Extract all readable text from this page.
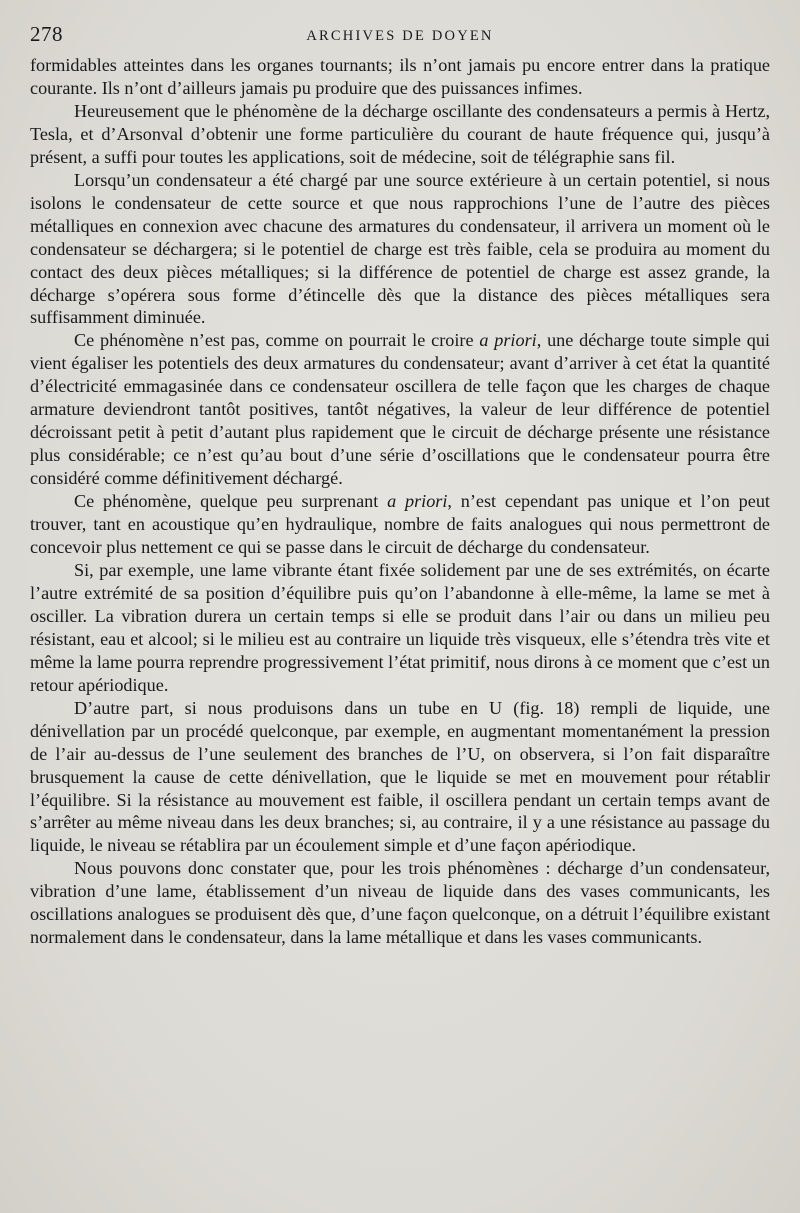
278	ARCHIVES DE DOYEN

formidables atteintes dans les organes tournants; ils n’ont jamais pu encore entrer dans la pratique courante. Ils n’ont d’ailleurs jamais pu produire que des puissances infimes.

Heureusement que le phénomène de la décharge oscillante des condensateurs a permis à Hertz, Tesla, et d’Arsonval d’obtenir une forme particulière du courant de haute fréquence qui, jusqu’à présent, a suffi pour toutes les applications, soit de médecine, soit de télégraphie sans fil.

Lorsqu’un condensateur a été chargé par une source extérieure à un certain potentiel, si nous isolons le condensateur de cette source et que nous rapprochions l’une de l’autre des pièces métalliques en connexion avec chacune des armatures du condensateur, il arrivera un moment où le condensateur se déchargera; si le potentiel de charge est très faible, cela se produira au moment du contact des deux pièces métalliques; si la différence de potentiel de charge est assez grande, la décharge s’opérera sous forme d’étincelle dès que la distance des pièces métalliques sera suffisamment diminuée.

Ce phénomène n’est pas, comme on pourrait le croire a priori, une décharge toute simple qui vient égaliser les potentiels des deux armatures du condensateur; avant d’arriver à cet état la quantité d’électricité emmagasinée dans ce condensateur oscillera de telle façon que les charges de chaque armature deviendront tantôt positives, tantôt négatives, la valeur de leur différence de potentiel décroissant petit à petit d’autant plus rapidement que le circuit de décharge présente une résistance plus considérable; ce n’est qu’au bout d’une série d’oscillations que le condensateur pourra être considéré comme définitivement déchargé.

Ce phénomène, quelque peu surprenant a priori, n’est cependant pas unique et l’on peut trouver, tant en acoustique qu’en hydraulique, nombre de faits analogues qui nous permettront de concevoir plus nettement ce qui se passe dans le circuit de décharge du condensateur.

Si, par exemple, une lame vibrante étant fixée solidement par une de ses extrémités, on écarte l’autre extrémité de sa position d’équilibre puis qu’on l’abandonne à elle-même, la lame se met à osciller. La vibration durera un certain temps si elle se produit dans l’air ou dans un milieu peu résistant, eau et alcool; si le milieu est au contraire un liquide très visqueux, elle s’étendra très vite et même la lame pourra reprendre progressivement l’état primitif, nous dirons à ce moment que c’est un retour apériodique.

D’autre part, si nous produisons dans un tube en U (fig. 18) rempli de liquide, une dénivellation par un procédé quelconque, par exemple, en augmentant momentanément la pression de l’air au-dessus de l’une seulement des branches de l’U, on observera, si l’on fait disparaître brusquement la cause de cette dénivellation, que le liquide se met en mouvement pour rétablir l’équilibre. Si la résistance au mouvement est faible, il oscillera pendant un certain temps avant de s’arrêter au même niveau dans les deux branches; si, au contraire, il y a une résistance au passage du liquide, le niveau se rétablira par un écoulement simple et d’une façon apériodique.

Nous pouvons donc constater que, pour les trois phénomènes : décharge d’un condensateur, vibration d’une lame, établissement d’un niveau de liquide dans des vases communicants, les oscillations analogues se produisent dès que, d’une façon quelconque, on a détruit l’équilibre existant normalement dans le condensateur, dans la lame métallique et dans les vases communicants.
